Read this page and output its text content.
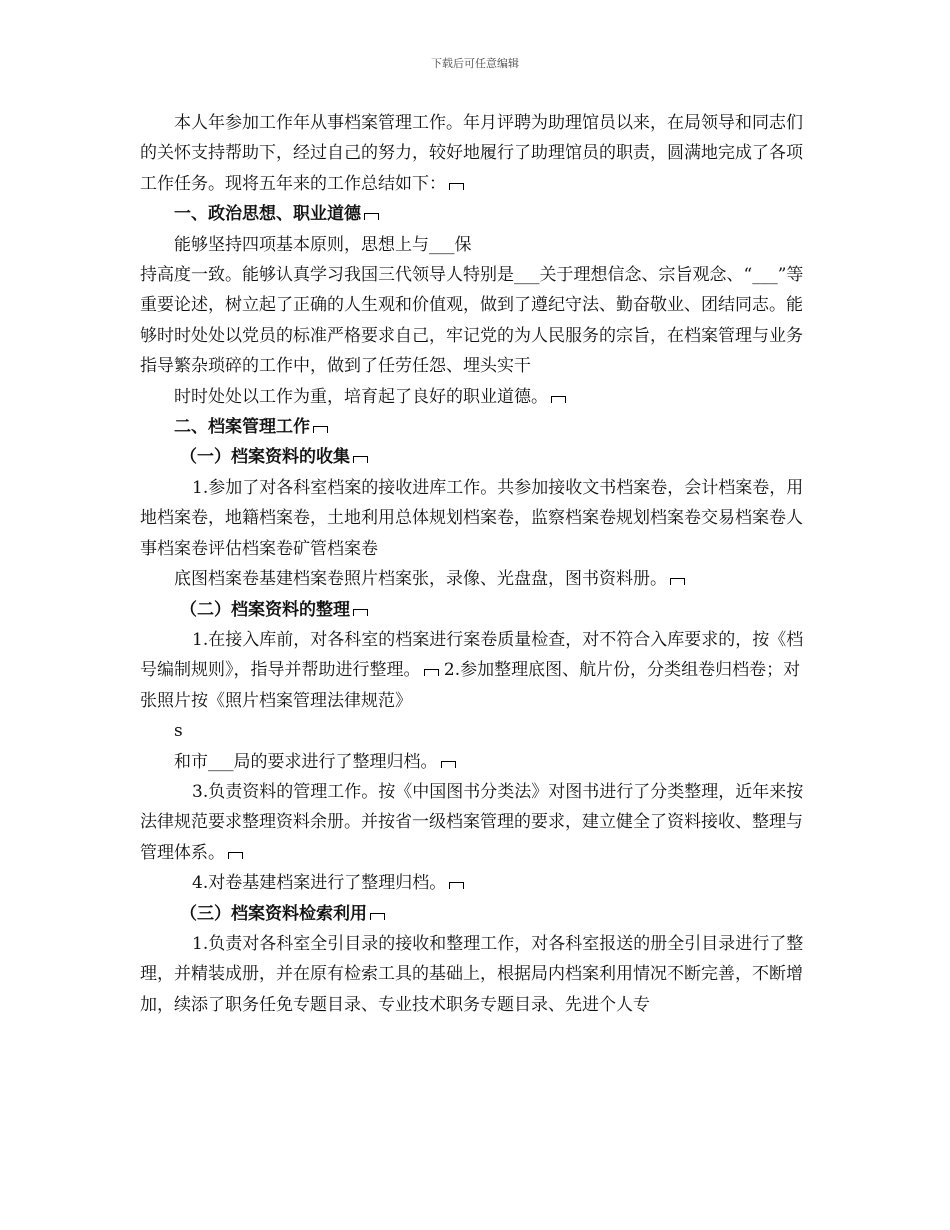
下载后可任意编辑

本人年参加工作年从事档案管理工作。年月评聘为助理馆员以来，在局领导和同志们的关怀支持帮助下，经过自己的努力，较好地履行了助理馆员的职责，圆满地完成了各项工作任务。现将五年来的工作总结如下：

一、政治思想、职业道德

能够坚持四项基本原则，思想上与___保

持高度一致。能够认真学习我国三代领导人特别是___关于理想信念、宗旨观念、“___”等重要论述，树立起了正确的人生观和价值观，做到了遵纪守法、勤奋敬业、团结同志。能够时时处处以党员的标准严格要求自己，牢记党的为人民服务的宗旨，在档案管理与业务指导繁杂琐碎的工作中，做到了任劳任怨、埋头实干

时时处处以工作为重，培育起了良好的职业道德。

二、档案管理工作

（一）档案资料的收集

1.参加了对各科室档案的接收进库工作。共参加接收文书档案卷，会计档案卷，用地档案卷，地籍档案卷，土地利用总体规划档案卷，监察档案卷规划档案卷交易档案卷人事档案卷评估档案卷矿管档案卷

底图档案卷基建档案卷照片档案张，录像、光盘盘，图书资料册。

（二）档案资料的整理

1.在接入库前，对各科室的档案进行案卷质量检查，对不符合入库要求的，按《档号编制规则》，指导并帮助进行整理。 2.参加整理底图、航片份，分类组卷归档卷；对张照片按《照片档案管理法律规范》

s

和市___局的要求进行了整理归档。

3.负责资料的管理工作。按《中国图书分类法》对图书进行了分类整理，近年来按法律规范要求整理资料余册。并按省一级档案管理的要求，建立健全了资料接收、整理与管理体系。

4.对卷基建档案进行了整理归档。

（三）档案资料检索利用

1.负责对各科室全引目录的接收和整理工作，对各科室报送的册全引目录进行了整理，并精装成册，并在原有检索工具的基础上，根据局内档案利用情况不断完善，不断增加，续添了职务任免专题目录、专业技术职务专题目录、先进个人专
